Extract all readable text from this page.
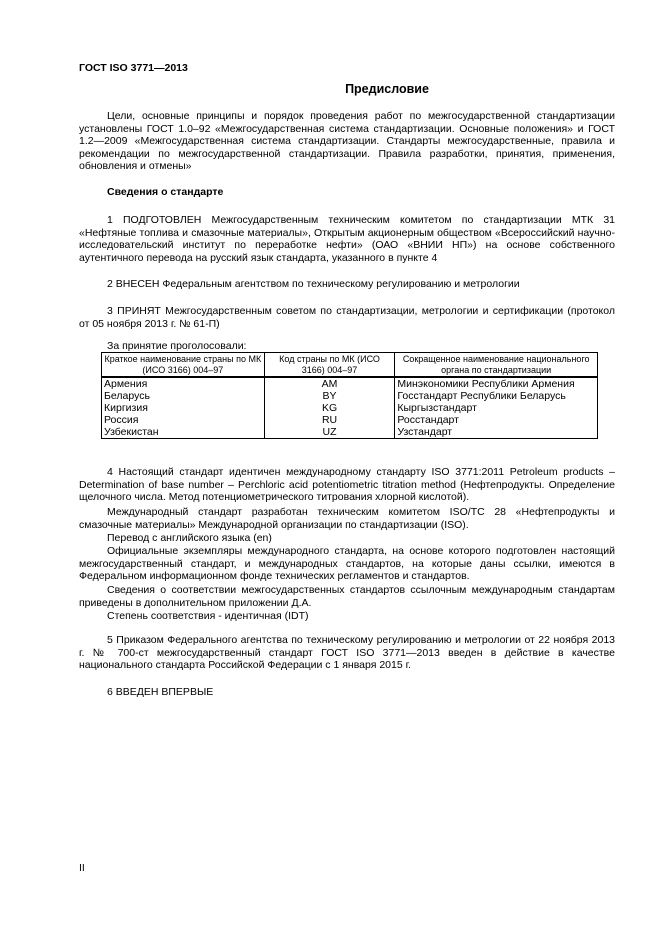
ГОСТ ISO 3771—2013
Предисловие

Цели, основные принципы и порядок проведения работ по межгосударственной стандартизации установлены ГОСТ 1.0–92 «Межгосударственная система стандартизации. Основные положения» и ГОСТ 1.2—2009 «Межгосударственная система стандартизации. Стандарты межгосударственные, правила и рекомендации по межгосударственной стандартизации. Правила разработки, принятия, применения, обновления и отмены»

Сведения о стандарте

1 ПОДГОТОВЛЕН Межгосударственным техническим комитетом по стандартизации МТК 31 «Нефтяные топлива и смазочные материалы», Открытым акционерным обществом «Всероссийский научно-исследовательский институт по переработке нефти» (ОАО «ВНИИ НП») на основе собственного аутентичного перевода на русский язык стандарта, указанного в пункте 4

2 ВНЕСЕН Федеральным агентством по техническому регулированию и метрологии

3 ПРИНЯТ Межгосударственным советом по стандартизации, метрологии и сертификации (протокол от 05 ноября 2013 г. № 61-П)

За принятие проголосовали:

Краткое наименование страны по МК (ИСО 3166) 004–97	Код страны по МК (ИСО 3166) 004–97	Сокращенное наименование национального органа по стандартизации
Армения	AM	Минэкономики Республики Армения
Беларусь	BY	Госстандарт Республики Беларусь
Киргизия	KG	Кыргызстандарт
Россия	RU	Росстандарт
Узбекистан	UZ	Узстандарт

4 Настоящий стандарт идентичен международному стандарту ISO 3771:2011 Petroleum products – Determination of base number – Perchloric acid potentiometric titration method (Нефтепродукты. Определение щелочного числа. Метод потенциометрического титрования хлорной кислотой).

Международный стандарт разработан техническим комитетом ISO/TC 28 «Нефтепродукты и смазочные материалы» Международной организации по стандартизации (ISO).

Перевод с английского языка (en)

Официальные экземпляры международного стандарта, на основе которого подготовлен настоящий межгосударственный стандарт, и международных стандартов, на которые даны ссылки, имеются в Федеральном информационном фонде технических регламентов и стандартов.

Сведения о соответствии межгосударственных стандартов ссылочным международным стандартам приведены в дополнительном приложении Д.А.

Степень соответствия - идентичная (IDT)

5 Приказом Федерального агентства по техническому регулированию и метрологии от 22 ноября 2013 г. № 700-ст межгосударственный стандарт ГОСТ ISO 3771—2013 введен в действие в качестве национального стандарта Российской Федерации с 1 января 2015 г.

6 ВВЕДЕН ВПЕРВЫЕ

II
